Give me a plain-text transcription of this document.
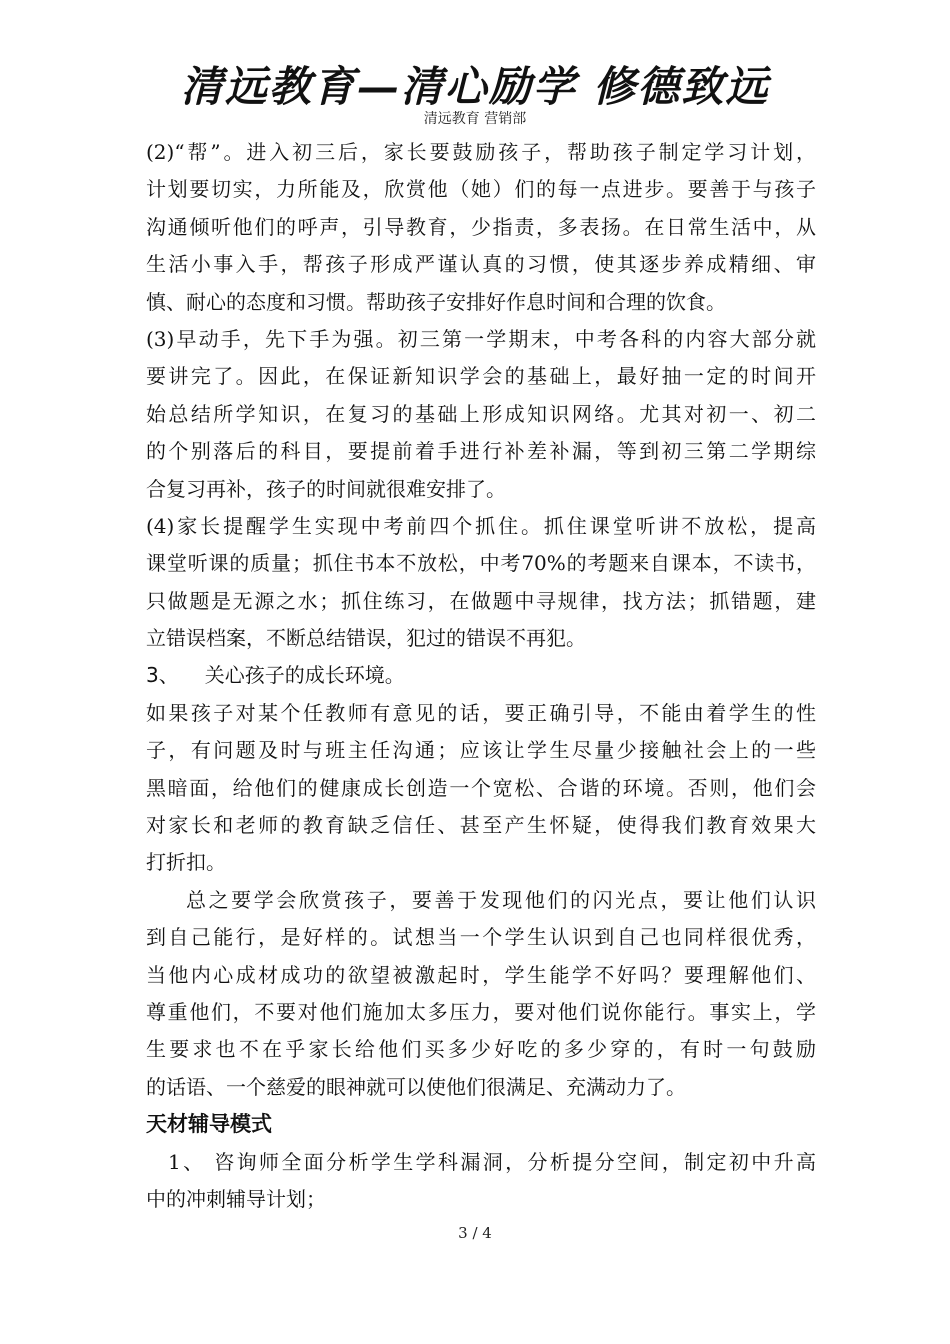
清远教育—清心励学 修德致远
清远教育 营销部
(2)“帮”。进入初三后，家长要鼓励孩子，帮助孩子制定学习计划，
计划要切实，力所能及，欣赏他（她）们的每一点进步。要善于与孩子
沟通倾听他们的呼声，引导教育，少指责，多表扬。在日常生活中，从
生活小事入手，帮孩子形成严谨认真的习惯，使其逐步养成精细、审
慎、耐心的态度和习惯。帮助孩子安排好作息时间和合理的饮食。
(3)早动手，先下手为强。初三第一学期末，中考各科的内容大部分就
要讲完了。因此，在保证新知识学会的基础上，最好抽一定的时间开
始总结所学知识，在复习的基础上形成知识网络。尤其对初一、初二
的个别落后的科目，要提前着手进行补差补漏，等到初三第二学期综
合复习再补，孩子的时间就很难安排了。
(4)家长提醒学生实现中考前四个抓住。抓住课堂听讲不放松，提高
课堂听课的质量；抓住书本不放松，中考70%的考题来自课本，不读书，
只做题是无源之水；抓住练习，在做题中寻规律，找方法；抓错题，建
立错误档案，不断总结错误，犯过的错误不再犯。
3、 关心孩子的成长环境。
如果孩子对某个任教师有意见的话，要正确引导，不能由着学生的性
子，有问题及时与班主任沟通；应该让学生尽量少接触社会上的一些
黑暗面，给他们的健康成长创造一个宽松、合谐的环境。否则，他们会
对家长和老师的教育缺乏信任、甚至产生怀疑，使得我们教育效果大
打折扣。
总之要学会欣赏孩子，要善于发现他们的闪光点，要让他们认识
到自己能行，是好样的。试想当一个学生认识到自己也同样很优秀，
当他内心成材成功的欲望被激起时，学生能学不好吗？要理解他们、
尊重他们，不要对他们施加太多压力，要对他们说你能行。事实上，学
生要求也不在乎家长给他们买多少好吃的多少穿的，有时一句鼓励
的话语、一个慈爱的眼神就可以使他们很满足、充满动力了。
天材辅导模式
1、 咨询师全面分析学生学科漏洞，分析提分空间，制定初中升高
中的冲刺辅导计划；
3 / 4
